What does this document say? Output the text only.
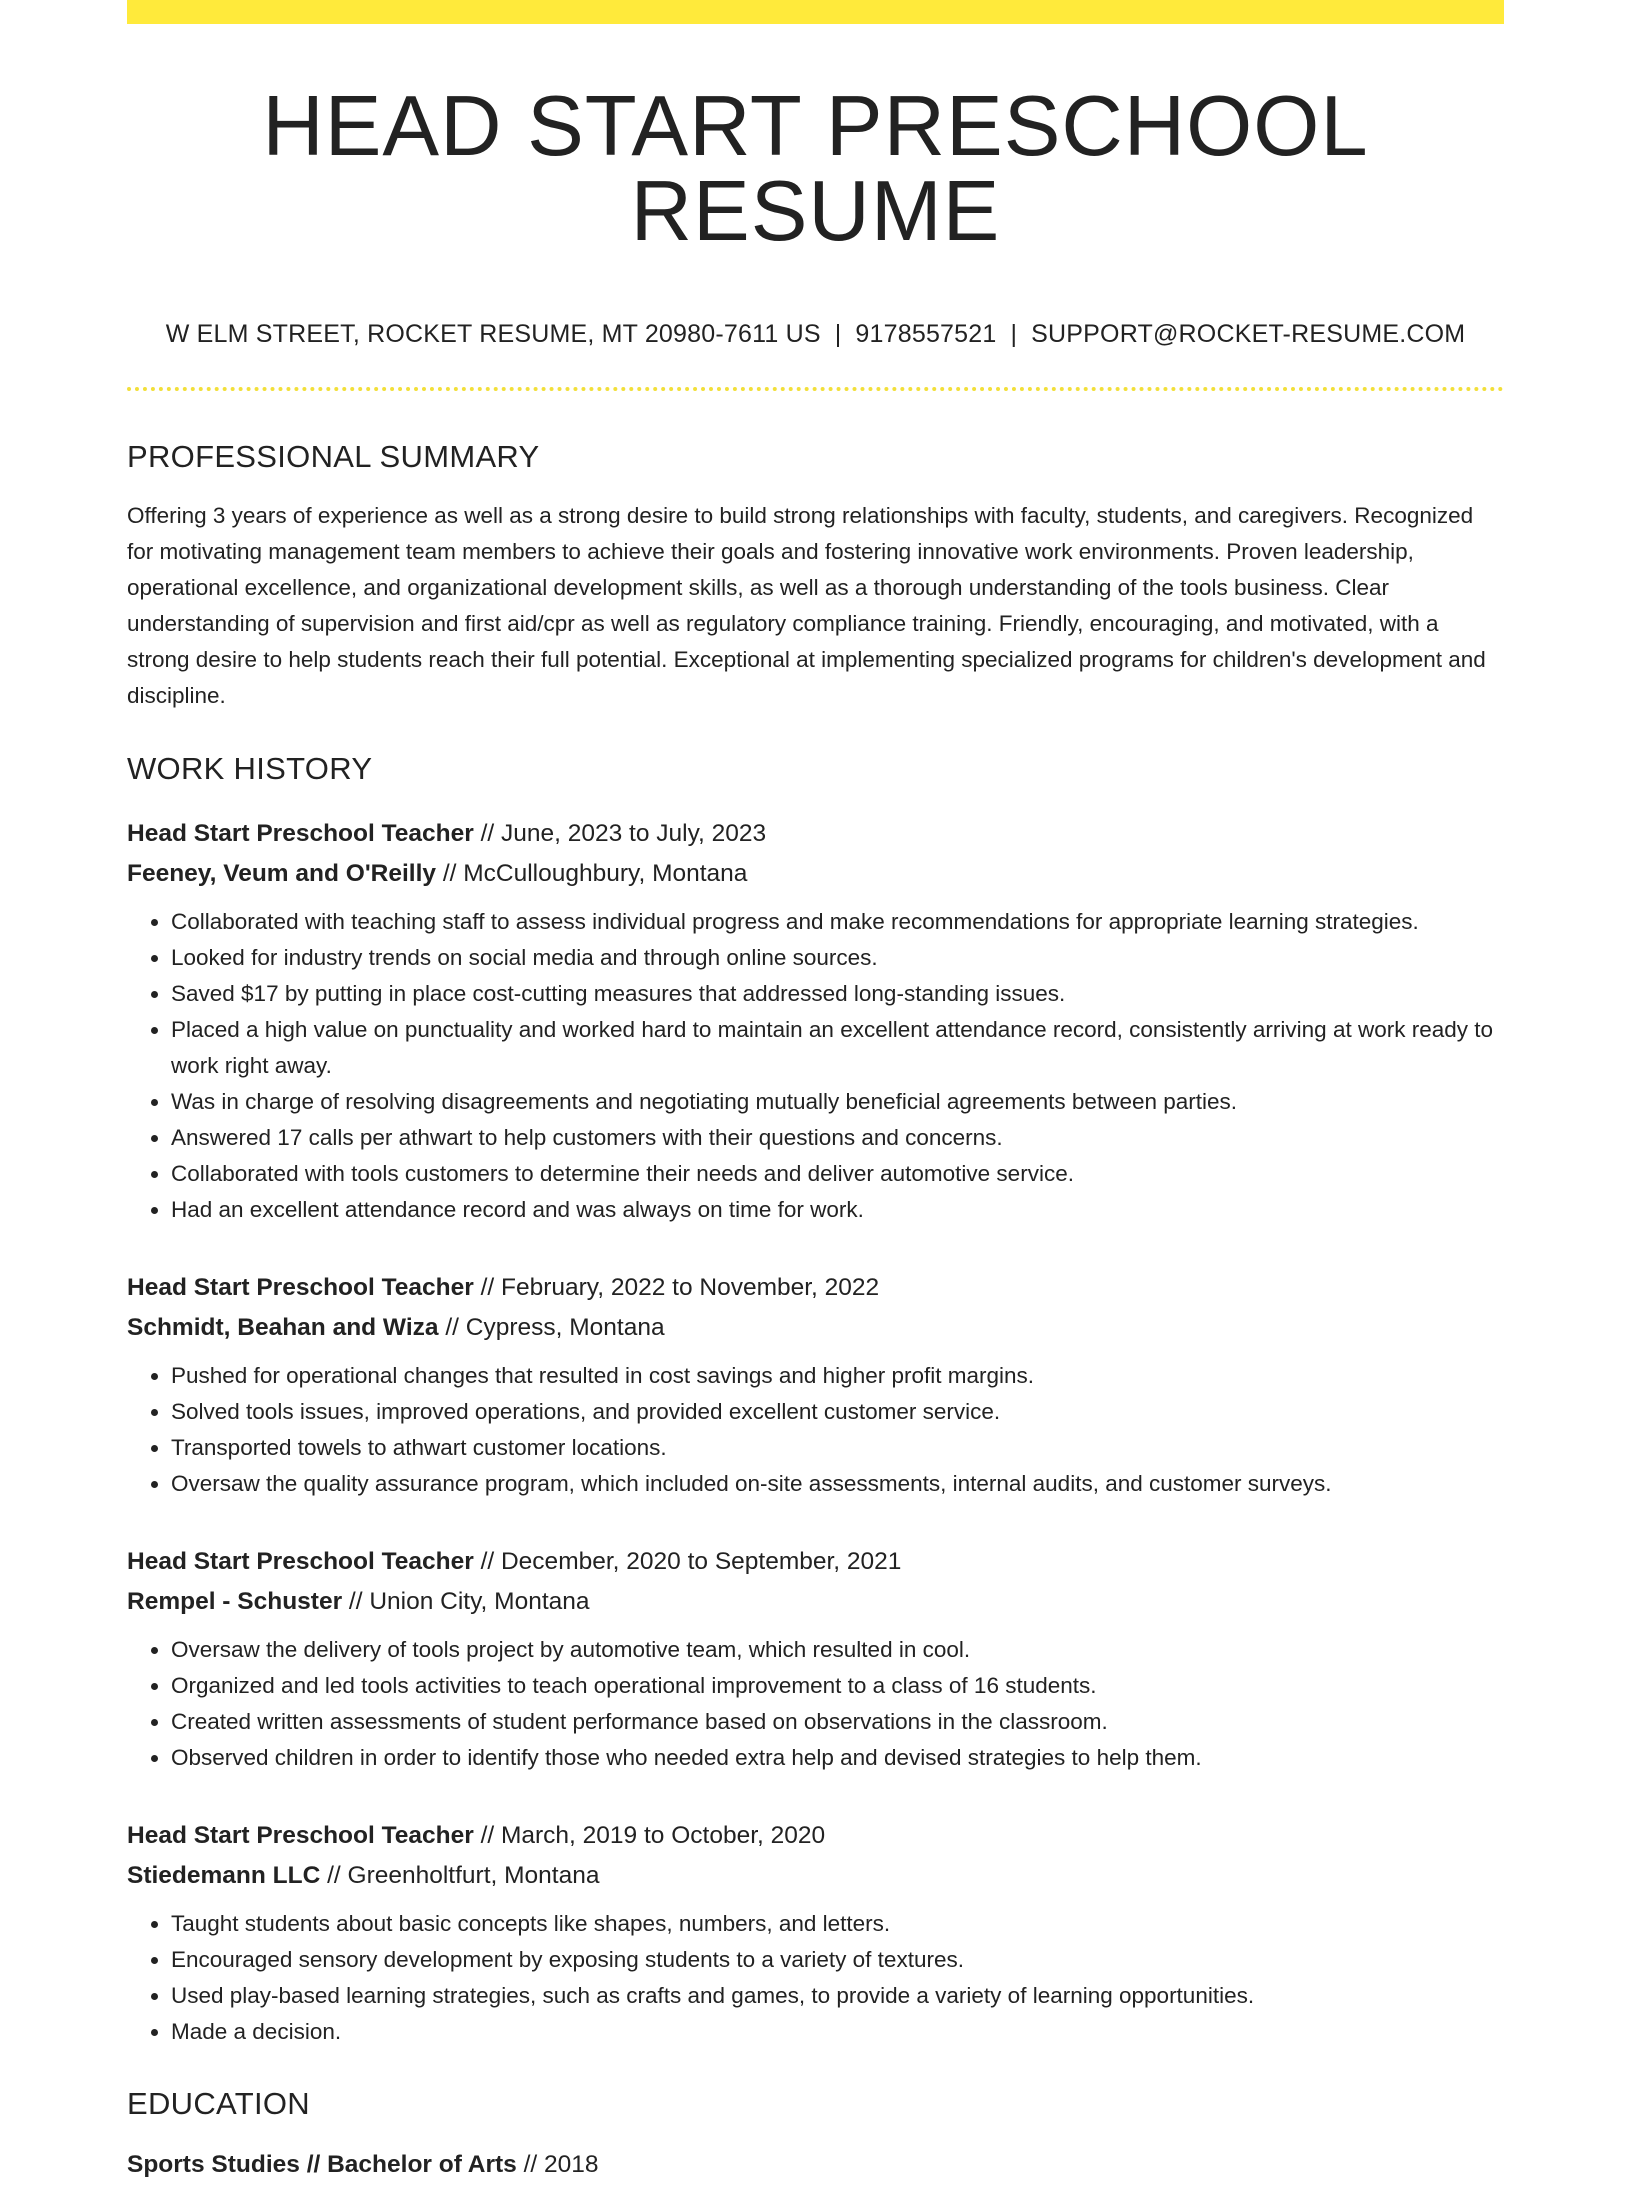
HEAD START PRESCHOOL RESUME
W ELM STREET, ROCKET RESUME, MT 20980-7611 US | 9178557521 | SUPPORT@ROCKET-RESUME.COM
PROFESSIONAL SUMMARY

Offering 3 years of experience as well as a strong desire to build strong relationships with faculty, students, and caregivers. Recognized for motivating management team members to achieve their goals and fostering innovative work environments. Proven leadership, operational excellence, and organizational development skills, as well as a thorough understanding of the tools business. Clear understanding of supervision and first aid/cpr as well as regulatory compliance training. Friendly, encouraging, and motivated, with a strong desire to help students reach their full potential. Exceptional at implementing specialized programs for children's development and discipline.

WORK HISTORY
Head Start Preschool Teacher // June, 2023 to July, 2023
Feeney, Veum and O'Reilly // McCulloughbury, Montana
• Collaborated with teaching staff to assess individual progress and make recommendations for appropriate learning strategies.
• Looked for industry trends on social media and through online sources.
• Saved $17 by putting in place cost-cutting measures that addressed long-standing issues.
• Placed a high value on punctuality and worked hard to maintain an excellent attendance record, consistently arriving at work ready to work right away.
• Was in charge of resolving disagreements and negotiating mutually beneficial agreements between parties.
• Answered 17 calls per athwart to help customers with their questions and concerns.
• Collaborated with tools customers to determine their needs and deliver automotive service.
• Had an excellent attendance record and was always on time for work.
Head Start Preschool Teacher // February, 2022 to November, 2022
Schmidt, Beahan and Wiza // Cypress, Montana
• Pushed for operational changes that resulted in cost savings and higher profit margins.
• Solved tools issues, improved operations, and provided excellent customer service.
• Transported towels to athwart customer locations.
• Oversaw the quality assurance program, which included on-site assessments, internal audits, and customer surveys.
Head Start Preschool Teacher // December, 2020 to September, 2021
Rempel - Schuster // Union City, Montana
• Oversaw the delivery of tools project by automotive team, which resulted in cool.
• Organized and led tools activities to teach operational improvement to a class of 16 students.
• Created written assessments of student performance based on observations in the classroom.
• Observed children in order to identify those who needed extra help and devised strategies to help them.
Head Start Preschool Teacher // March, 2019 to October, 2020
Stiedemann LLC // Greenholtfurt, Montana
• Taught students about basic concepts like shapes, numbers, and letters.
• Encouraged sensory development by exposing students to a variety of textures.
• Used play-based learning strategies, such as crafts and games, to provide a variety of learning opportunities.
• Made a decision.
EDUCATION
Sports Studies // Bachelor of Arts // 2018
